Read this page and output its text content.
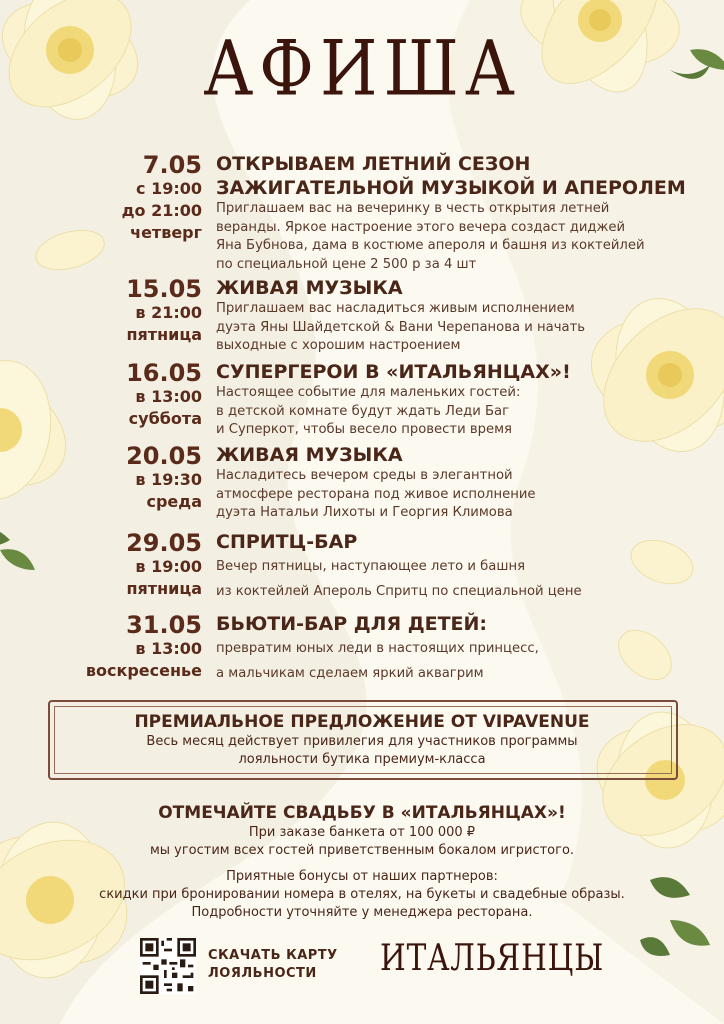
АФИША
7.05
с 19:00
до 21:00
четверг
ОТКРЫВАЕМ ЛЕТНИЙ СЕЗОН
ЗАЖИГАТЕЛЬНОЙ МУЗЫКОЙ И АПЕРОЛЕМ
Приглашаем вас на вечеринку в честь открытия летней
веранды. Яркое настроение этого вечера создаст диджей
Яна Бубнова, дама в костюме апероля и башня из коктейлей
по специальной цене 2 500 р за 4 шт
15.05
в 21:00
пятница
ЖИВАЯ МУЗЫКА
Приглашаем вас насладиться живым исполнением
дуэта Яны Шайдетской & Вани Черепанова и начать
выходные с хорошим настроением
16.05
в 13:00
суббота
СУПЕРГЕРОИ В «ИТАЛЬЯНЦАХ»!
Настоящее событие для маленьких гостей:
в детской комнате будут ждать Леди Баг
и Суперкот, чтобы весело провести время
20.05
в 19:30
среда
ЖИВАЯ МУЗЫКА
Насладитесь вечером среды в элегантной
атмосфере ресторана под живое исполнение
дуэта Натальи Лихоты и Георгия Климова
29.05
в 19:00
пятница
СПРИТЦ-БАР
Вечер пятницы, наступающее лето и башня
из коктейлей Апероль Спритц по специальной цене
31.05
в 13:00
воскресенье
БЬЮТИ-БАР ДЛЯ ДЕТЕЙ:
превратим юных леди в настоящих принцесс,
а мальчикам сделаем яркий аквагрим
ПРЕМИАЛЬНОЕ ПРЕДЛОЖЕНИЕ ОТ VIPAVENUE
Весь месяц действует привилегия для участников программы
лояльности бутика премиум-класса
ОТМЕЧАЙТЕ СВАДЬБУ В «ИТАЛЬЯНЦАХ»!
При заказе банкета от 100 000 ₽
мы угостим всех гостей приветственным бокалом игристого.
Приятные бонусы от наших партнеров:
скидки при бронировании номера в отелях, на букеты и свадебные образы.
Подробности уточняйте у менеджера ресторана.
СКАЧАТЬ КАРТУ
ЛОЯЛЬНОСТИ	ИТАЛЬЯНЦЫ
